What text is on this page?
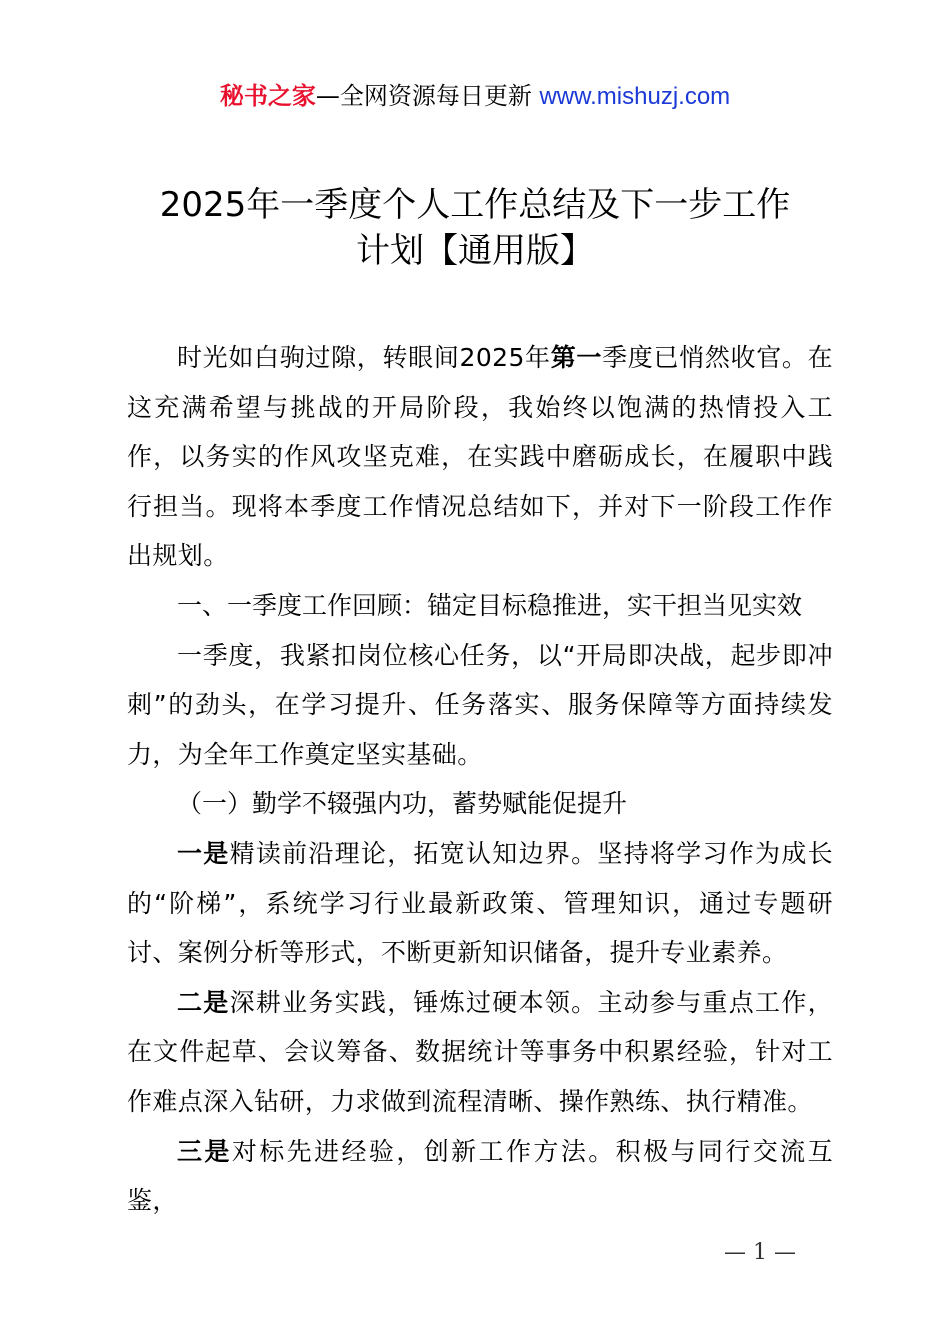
秘书之家—全网资源每日更新 www.mishuzj.com
2025年一季度个人工作总结及下一步工作
计划【通用版】

时光如白驹过隙，转眼间2025年第一季度已悄然收官。在这充满希望与挑战的开局阶段，我始终以饱满的热情投入工作，以务实的作风攻坚克难，在实践中磨砺成长，在履职中践行担当。现将本季度工作情况总结如下，并对下一阶段工作作出规划。

一、一季度工作回顾：锚定目标稳推进，实干担当见实效

一季度，我紧扣岗位核心任务，以“开局即决战，起步即冲刺”的劲头，在学习提升、任务落实、服务保障等方面持续发力，为全年工作奠定坚实基础。

（一）勤学不辍强内功，蓄势赋能促提升

一是精读前沿理论，拓宽认知边界。坚持将学习作为成长的“阶梯”，系统学习行业最新政策、管理知识，通过专题研讨、案例分析等形式，不断更新知识储备，提升专业素养。

二是深耕业务实践，锤炼过硬本领。主动参与重点工作，在文件起草、会议筹备、数据统计等事务中积累经验，针对工作难点深入钻研，力求做到流程清晰、操作熟练、执行精准。

三是对标先进经验，创新工作方法。积极与同行交流互鉴，

— 1 —
